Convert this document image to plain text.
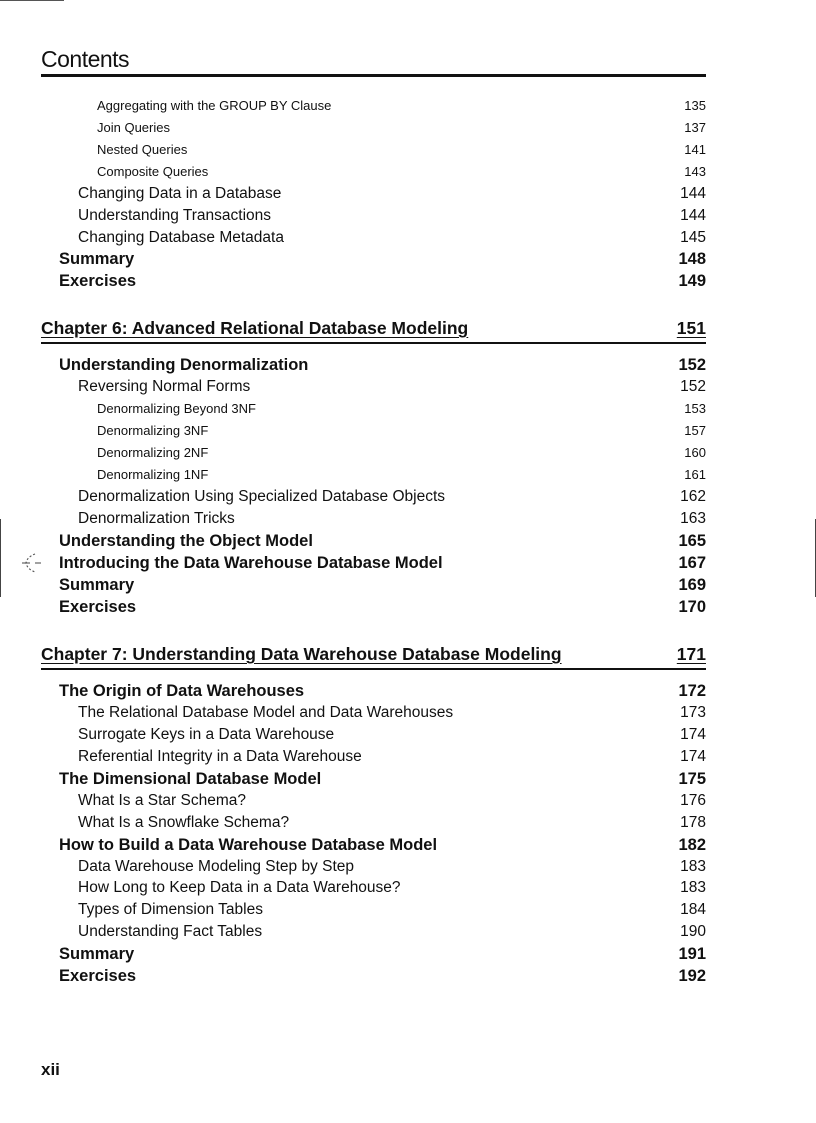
Contents
Aggregating with the GROUP BY Clause	135
Join Queries	137
Nested Queries	141
Composite Queries	143
Changing Data in a Database	144
Understanding Transactions	144
Changing Database Metadata	145
Summary	148
Exercises	149
Chapter 6: Advanced Relational Database Modeling	151
Understanding Denormalization	152
Reversing Normal Forms	152
Denormalizing Beyond 3NF	153
Denormalizing 3NF	157
Denormalizing 2NF	160
Denormalizing 1NF	161
Denormalization Using Specialized Database Objects	162
Denormalization Tricks	163
Understanding the Object Model	165
Introducing the Data Warehouse Database Model	167
Summary	169
Exercises	170
Chapter 7: Understanding Data Warehouse Database Modeling	171
The Origin of Data Warehouses	172
The Relational Database Model and Data Warehouses	173
Surrogate Keys in a Data Warehouse	174
Referential Integrity in a Data Warehouse	174
The Dimensional Database Model	175
What Is a Star Schema?	176
What Is a Snowflake Schema?	178
How to Build a Data Warehouse Database Model	182
Data Warehouse Modeling Step by Step	183
How Long to Keep Data in a Data Warehouse?	183
Types of Dimension Tables	184
Understanding Fact Tables	190
Summary	191
Exercises	192
xii
